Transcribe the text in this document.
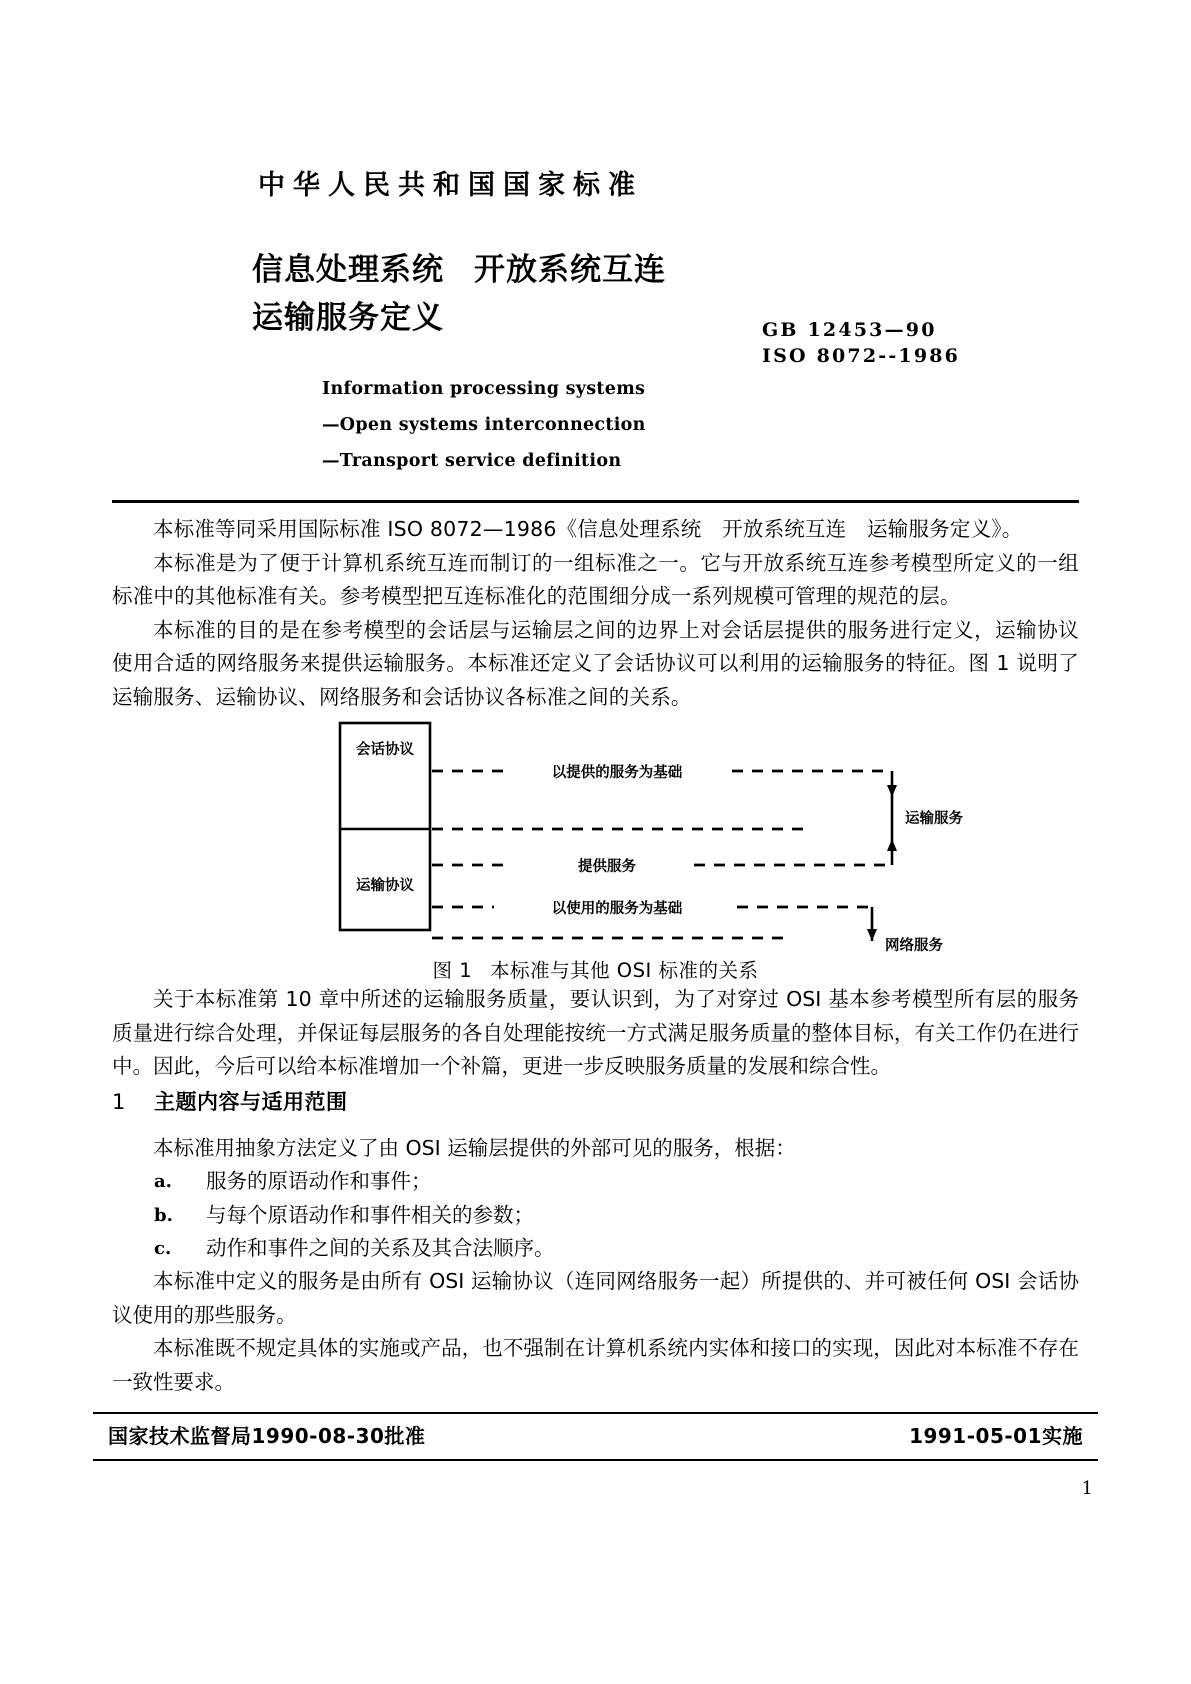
中华人民共和国国家标准
信息处理系统 开放系统互连
运输服务定义	GB 12453—90
ISO 8072--1986
Information processing systems
—Open systems interconnection
—Transport service definition

本标准等同采用国际标准 ISO 8072—1986《信息处理系统　开放系统互连　运输服务定义》。

本标准是为了便于计算机系统互连而制订的一组标准之一。它与开放系统互连参考模型所定义的一组标准中的其他标准有关。参考模型把互连标准化的范围细分成一系列规模可管理的规范的层。

本标准的目的是在参考模型的会话层与运输层之间的边界上对会话层提供的服务进行定义，运输协议使用合适的网络服务来提供运输服务。本标准还定义了会话协议可以利用的运输服务的特征。图 1 说明了运输服务、运输协议、网络服务和会话协议各标准之间的关系。

会话协议
运输协议
以提供的服务为基础
提供服务
运输服务
以使用的服务为基础
网络服务
图 1 本标准与其他 OSI 标准的关系

关于本标准第 10 章中所述的运输服务质量，要认识到，为了对穿过 OSI 基本参考模型所有层的服务质量进行综合处理，并保证每层服务的各自处理能按统一方式满足服务质量的整体目标，有关工作仍在进行中。因此，今后可以给本标准增加一个补篇，更进一步反映服务质量的发展和综合性。

1 主题内容与适用范围

本标准用抽象方法定义了由 OSI 运输层提供的外部可见的服务，根据：

a.	服务的原语动作和事件；
b.	与每个原语动作和事件相关的参数；
c.	动作和事件之间的关系及其合法顺序。

本标准中定义的服务是由所有 OSI 运输协议（连同网络服务一起）所提供的、并可被任何 OSI 会话协议使用的那些服务。

本标准既不规定具体的实施或产品，也不强制在计算机系统内实体和接口的实现，因此对本标准不存在一致性要求。

国家技术监督局1990-08-30批准	1991-05-01实施
1
